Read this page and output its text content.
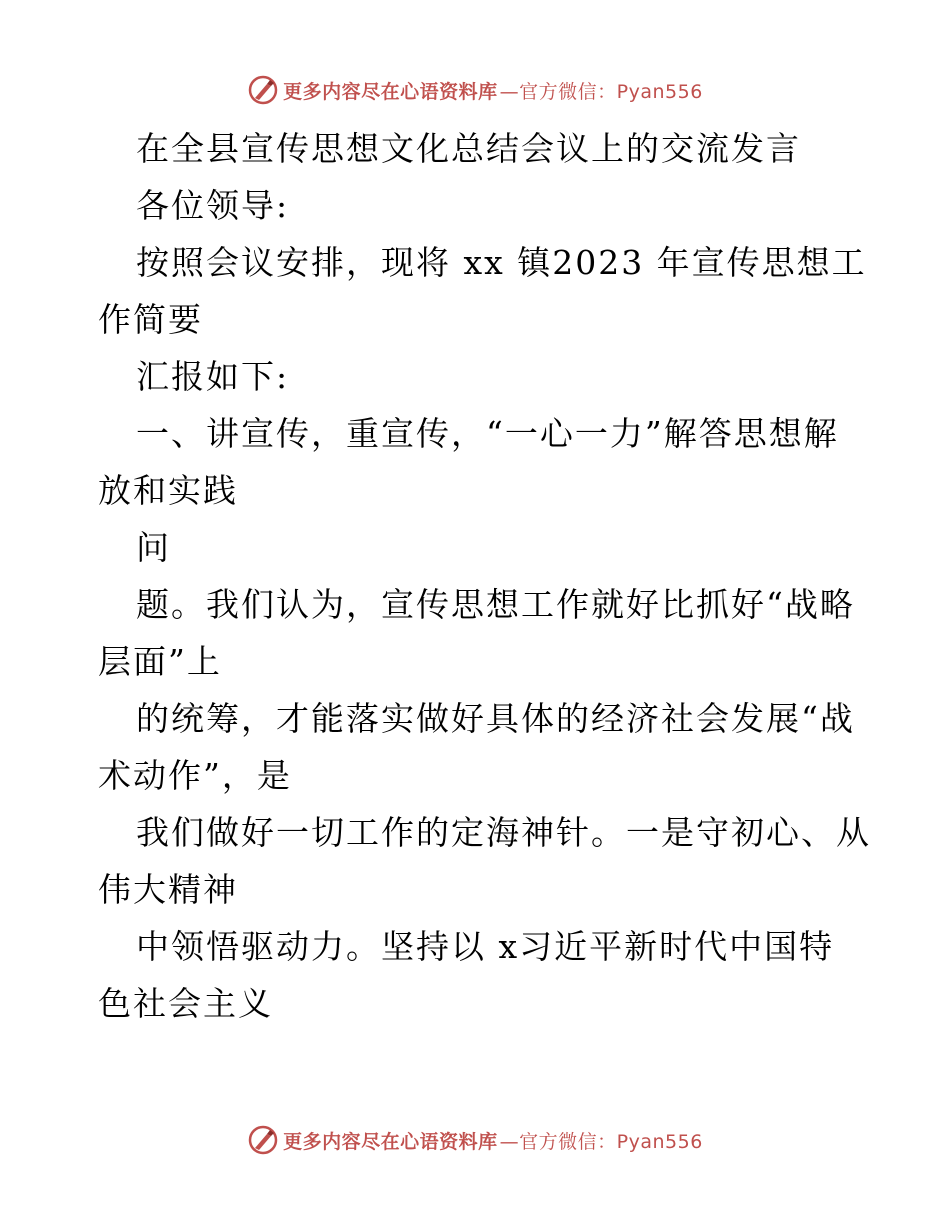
更多内容尽在心语资料库 —官方微信：Pyan556
在全县宣传思想文化总结会议上的交流发言
各位领导:
按照会议安排，现将 xx 镇2023 年宣传思想工
作简要
汇报如下:
一、讲宣传，重宣传，“一心一力”解答思想解
放和实践
问
题。我们认为，宣传思想工作就好比抓好“战略
层面”上
的统筹，才能落实做好具体的经济社会发展“战
术动作”，是
我们做好一切工作的定海神针。一是守初心、从
伟大精神
中领悟驱动力。坚持以 x习近平新时代中国特
色社会主义
更多内容尽在心语资料库 —官方微信：Pyan556
